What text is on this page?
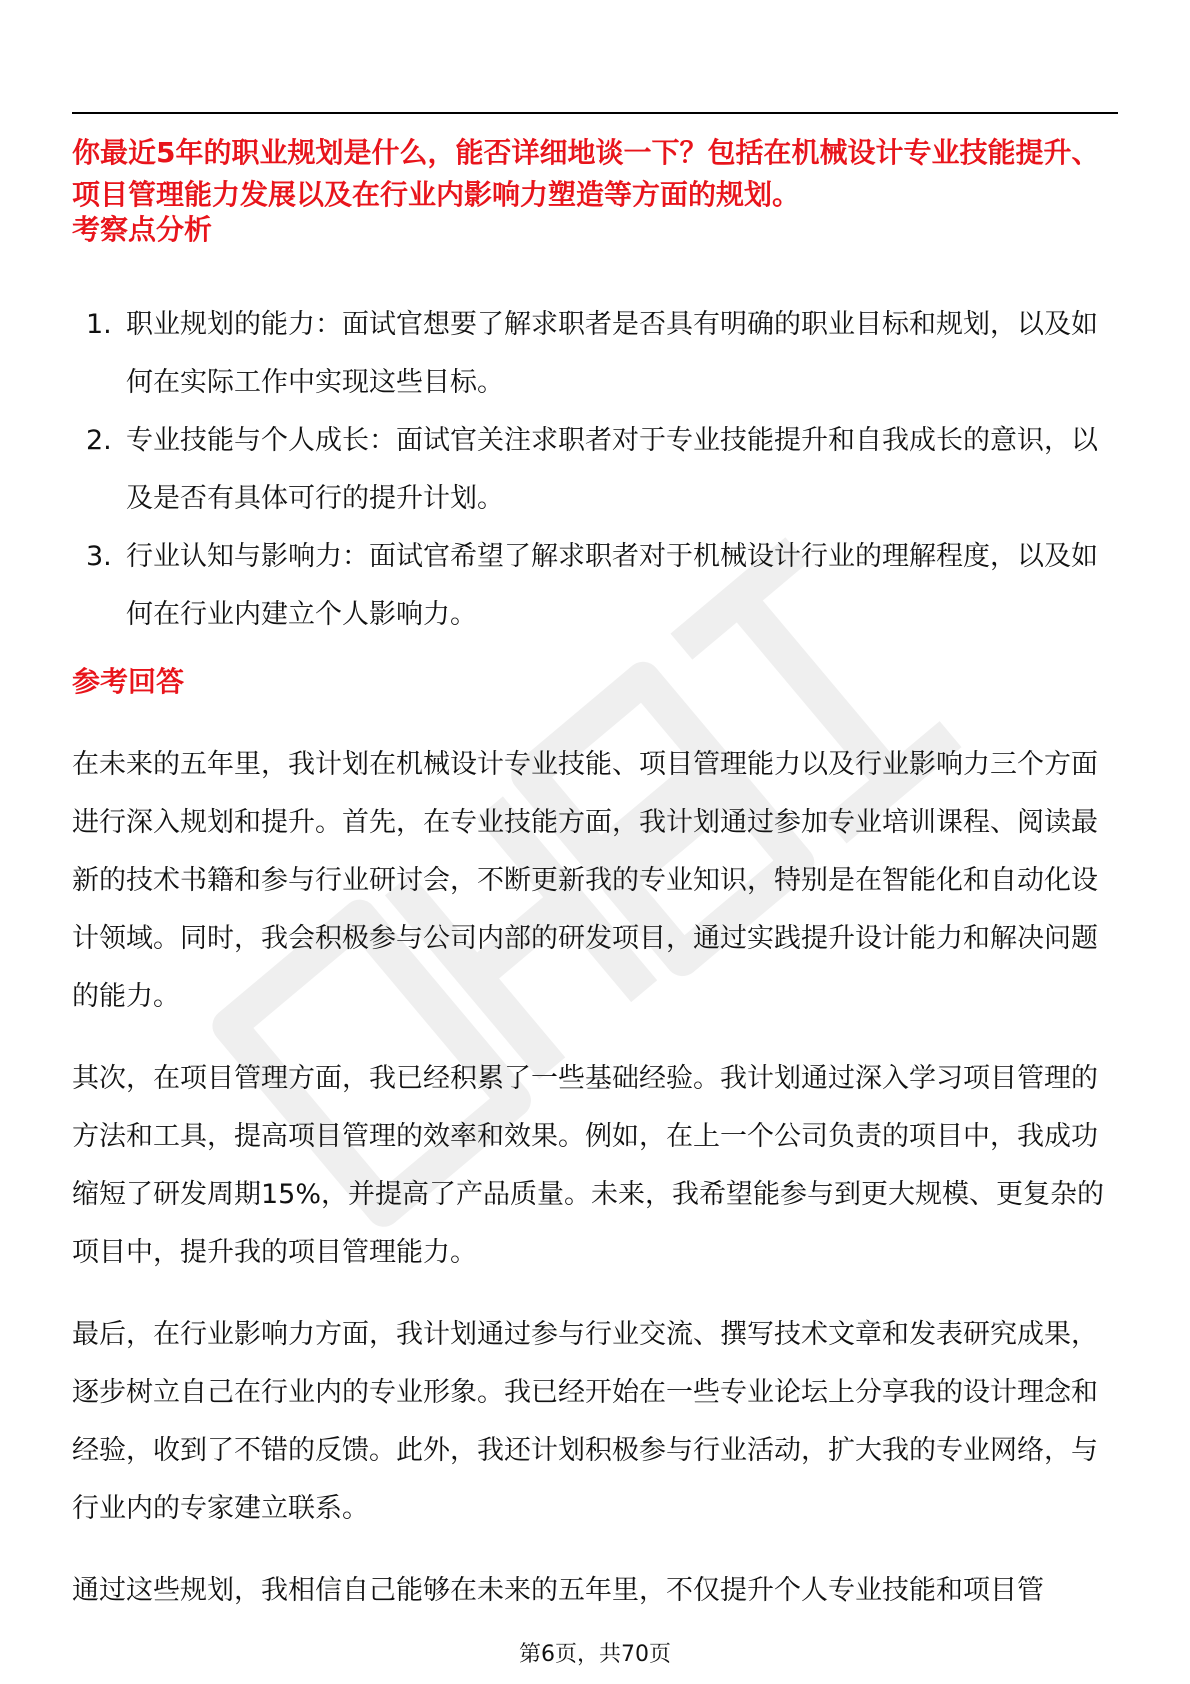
你最近5年的职业规划是什么，能否详细地谈一下？包括在机械设计专业技能提升、项目管理能力发展以及在行业内影响力塑造等方面的规划。
考察点分析
1. 职业规划的能力：面试官想要了解求职者是否具有明确的职业目标和规划，以及如何在实际工作中实现这些目标。
2. 专业技能与个人成长：面试官关注求职者对于专业技能提升和自我成长的意识，以及是否有具体可行的提升计划。
3. 行业认知与影响力：面试官希望了解求职者对于机械设计行业的理解程度，以及如何在行业内建立个人影响力。
参考回答

在未来的五年里，我计划在机械设计专业技能、项目管理能力以及行业影响力三个方面进行深入规划和提升。首先，在专业技能方面，我计划通过参加专业培训课程、阅读最新的技术书籍和参与行业研讨会，不断更新我的专业知识，特别是在智能化和自动化设计领域。同时，我会积极参与公司内部的研发项目，通过实践提升设计能力和解决问题的能力。

其次，在项目管理方面，我已经积累了一些基础经验。我计划通过深入学习项目管理的方法和工具，提高项目管理的效率和效果。例如，在上一个公司负责的项目中，我成功缩短了研发周期15%，并提高了产品质量。未来，我希望能参与到更大规模、更复杂的项目中，提升我的项目管理能力。

最后，在行业影响力方面，我计划通过参与行业交流、撰写技术文章和发表研究成果，逐步树立自己在行业内的专业形象。我已经开始在一些专业论坛上分享我的设计理念和经验，收到了不错的反馈。此外，我还计划积极参与行业活动，扩大我的专业网络，与行业内的专家建立联系。

通过这些规划，我相信自己能够在未来的五年里，不仅提升个人专业技能和项目管

第6页，共70页
